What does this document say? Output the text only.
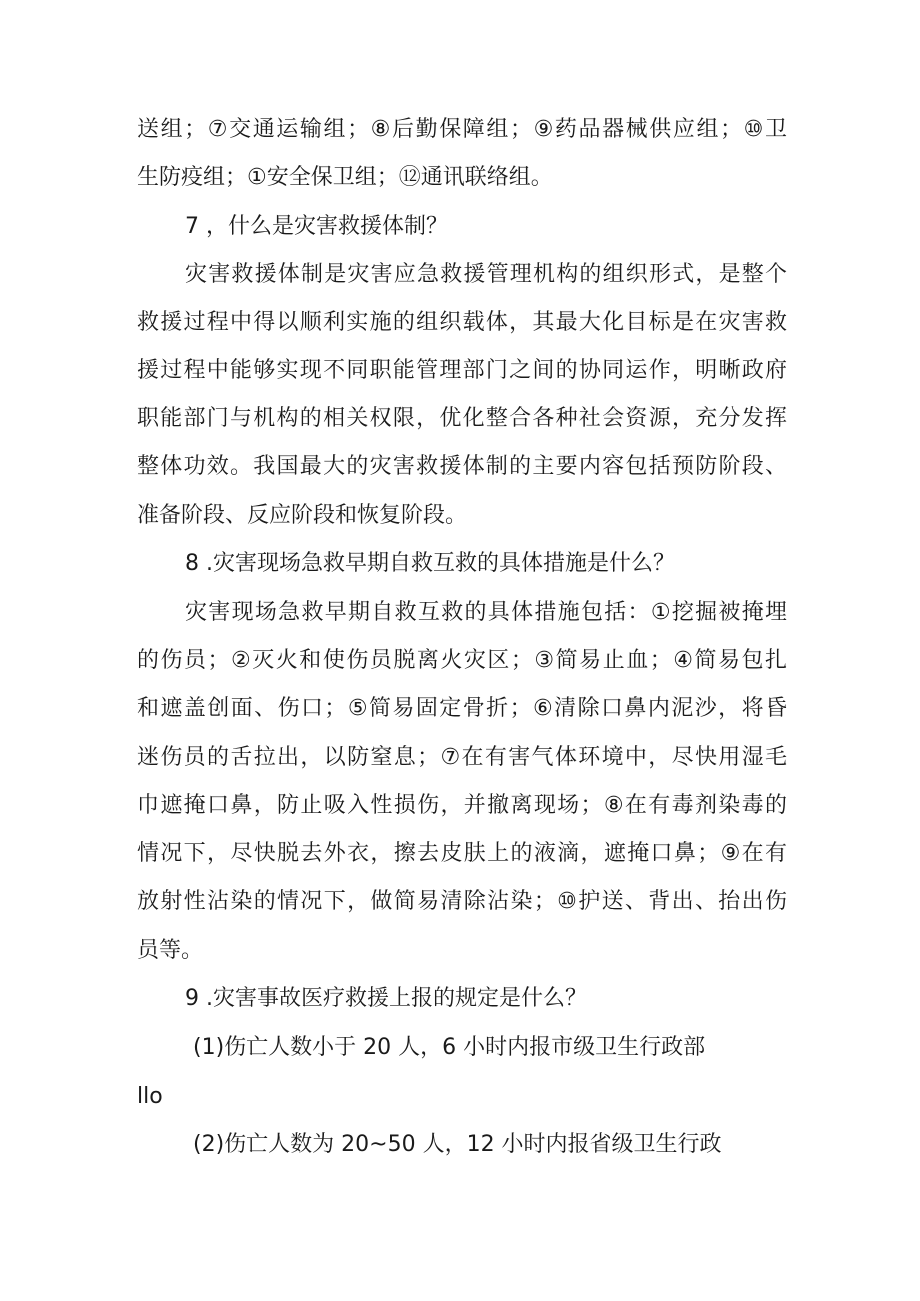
送组；⑦交通运输组；⑧后勤保障组；⑨药品器械供应组；⑩卫
生防疫组；①安全保卫组；⑫通讯联络组。
7 ，什么是灾害救援体制？
灾害救援体制是灾害应急救援管理机构的组织形式，是整个
救援过程中得以顺利实施的组织载体，其最大化目标是在灾害救
援过程中能够实现不同职能管理部门之间的协同运作，明晰政府
职能部门与机构的相关权限，优化整合各种社会资源，充分发挥
整体功效。我国最大的灾害救援体制的主要内容包括预防阶段、
准备阶段、反应阶段和恢复阶段。
8 .灾害现场急救早期自救互救的具体措施是什么？
灾害现场急救早期自救互救的具体措施包括：①挖掘被掩埋
的伤员；②灭火和使伤员脱离火灾区；③简易止血；④简易包扎
和遮盖创面、伤口；⑤简易固定骨折；⑥清除口鼻内泥沙，将昏
迷伤员的舌拉出，以防窒息；⑦在有害气体环境中，尽快用湿毛
巾遮掩口鼻，防止吸入性损伤，并撤离现场；⑧在有毒剂染毒的
情况下，尽快脱去外衣，擦去皮肤上的液滴，遮掩口鼻；⑨在有
放射性沾染的情况下，做简易清除沾染；⑩护送、背出、抬出伤
员等。
9 .灾害事故医疗救援上报的规定是什么？
(1)伤亡人数小于 20 人，6 小时内报市级卫生行政部
llo
(2)伤亡人数为 20~50 人，12 小时内报省级卫生行政
